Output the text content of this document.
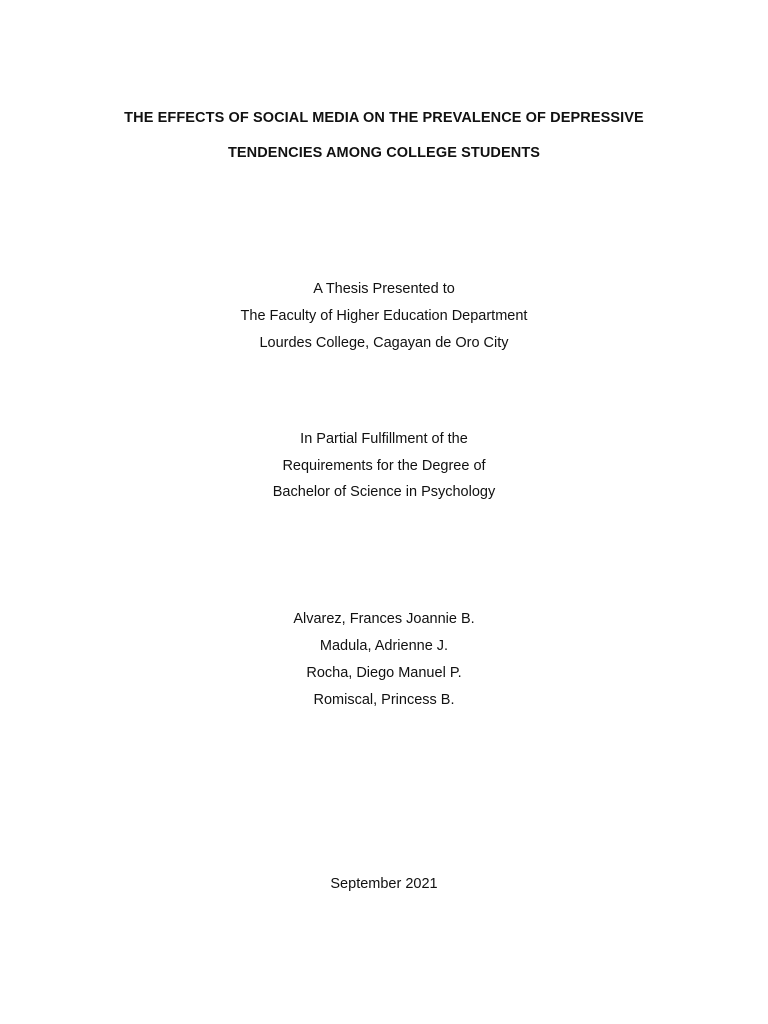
THE EFFECTS OF SOCIAL MEDIA ON THE PREVALENCE OF DEPRESSIVE
TENDENCIES AMONG COLLEGE STUDENTS
A Thesis Presented to
The Faculty of Higher Education Department
Lourdes College, Cagayan de Oro City
In Partial Fulfillment of the
Requirements for the Degree of
Bachelor of Science in Psychology
Alvarez, Frances Joannie B.
Madula, Adrienne J.
Rocha, Diego Manuel P.
Romiscal, Princess B.
September 2021
